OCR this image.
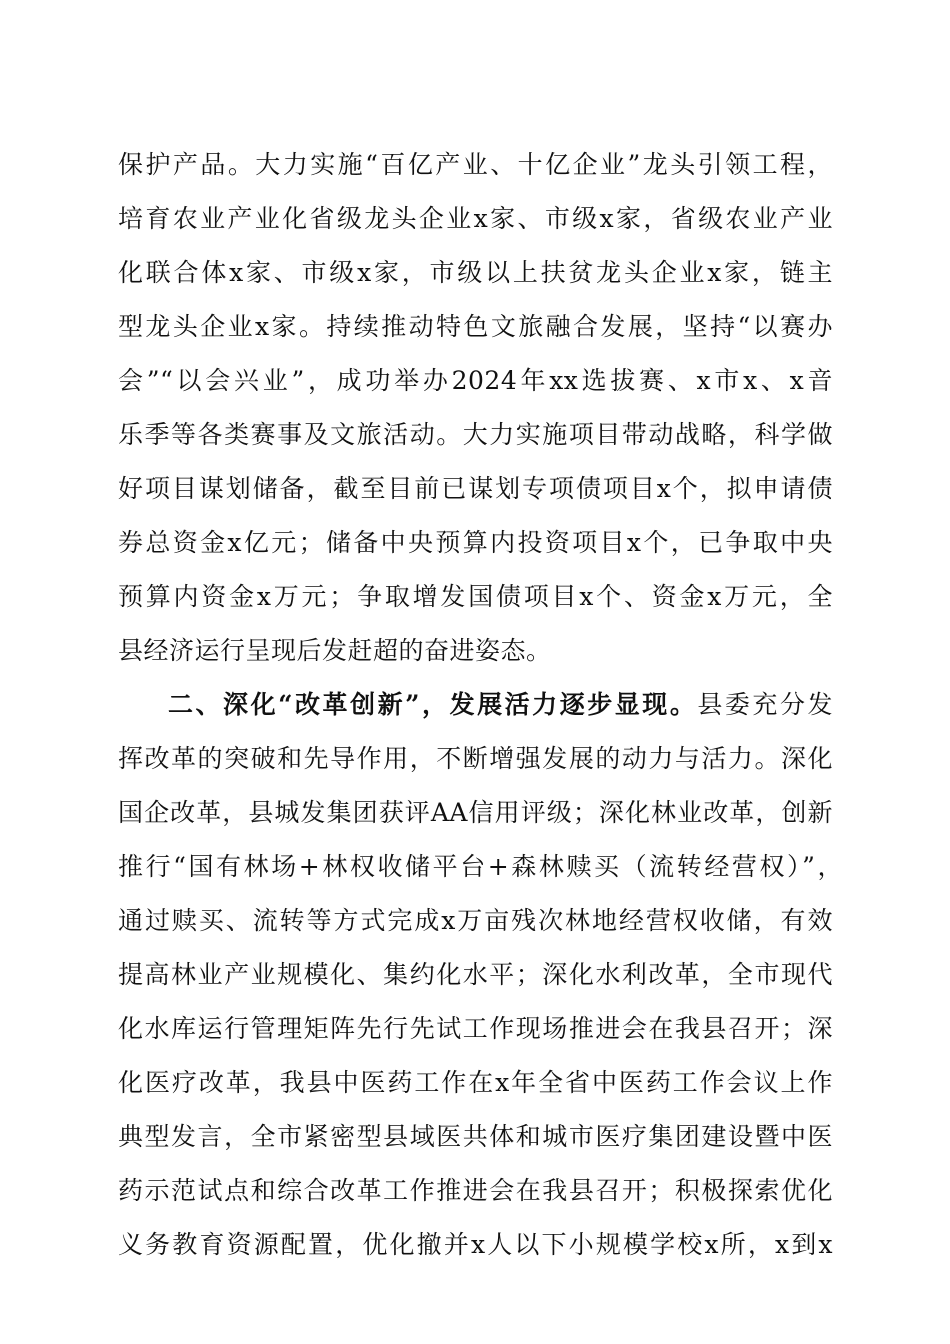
保护产品。大力实施“百亿产业、十亿企业”龙头引领工程，
培育农业产业化省级龙头企业x家、市级x家，省级农业产业
化联合体x家、市级x家，市级以上扶贫龙头企业x家，链主
型龙头企业x家。持续推动特色文旅融合发展，坚持“以赛办
会”“以会兴业”，成功举办2024年xx选拔赛、x市x、x音
乐季等各类赛事及文旅活动。大力实施项目带动战略，科学做
好项目谋划储备，截至目前已谋划专项债项目x个，拟申请债
券总资金x亿元；储备中央预算内投资项目x个，已争取中央
预算内资金x万元；争取增发国债项目x个、资金x万元，全
县经济运行呈现后发赶超的奋进姿态。
二、深化“改革创新”，发展活力逐步显现。县委充分发
挥改革的突破和先导作用，不断增强发展的动力与活力。深化
国企改革，县城发集团获评AA信用评级；深化林业改革，创新
推行“国有林场+林权收储平台+森林赎买（流转经营权）”，
通过赎买、流转等方式完成x万亩残次林地经营权收储，有效
提高林业产业规模化、集约化水平；深化水利改革，全市现代
化水库运行管理矩阵先行先试工作现场推进会在我县召开；深
化医疗改革，我县中医药工作在x年全省中医药工作会议上作
典型发言，全市紧密型县域医共体和城市医疗集团建设暨中医
药示范试点和综合改革工作推进会在我县召开；积极探索优化
义务教育资源配置，优化撤并x人以下小规模学校x所，x到x
